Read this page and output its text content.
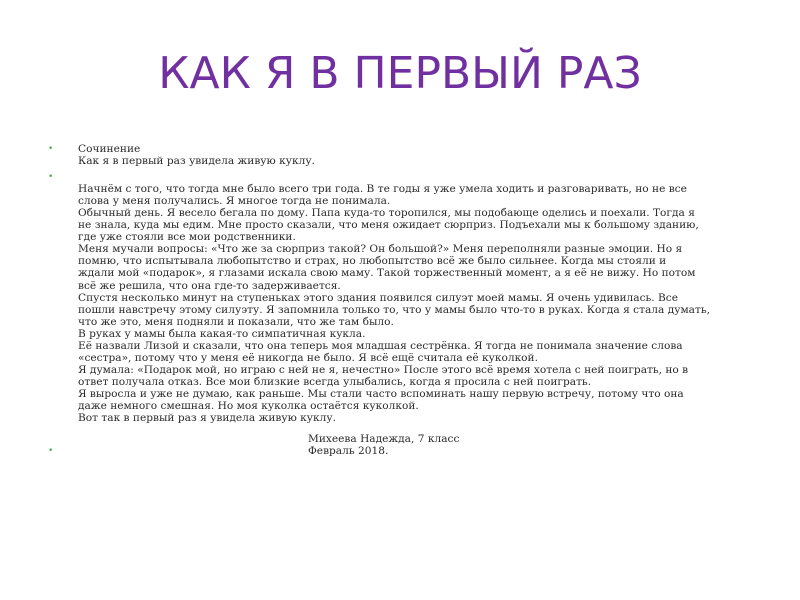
КАК Я В ПЕРВЫЙ РАЗ
• Сочинение
Как я в первый раз увидела живую куклу.
•

Начнём с того, что тогда мне было всего три года. В те годы я уже умела ходить и разговаривать, но не все
слова у меня получались. Я многое тогда не понимала.
Обычный день. Я весело бегала по дому. Папа куда-то торопился, мы подобающе оделись и поехали. Тогда я
не знала, куда мы едим. Мне просто сказали, что меня ожидает сюрприз. Подъехали мы к большому зданию,
где уже стояли все мои родственники.
Меня мучали вопросы: «Что же за сюрприз такой? Он большой?» Меня переполняли разные эмоции. Но я
помню, что испытывала любопытство и страх, но любопытство всё же было сильнее. Когда мы стояли и
ждали мой «подарок», я глазами искала свою маму. Такой торжественный момент, а я её не вижу. Но потом
всё же решила, что она где-то задерживается.
Спустя несколько минут на ступеньках этого здания появился силуэт моей мамы. Я очень удивилась. Все
пошли навстречу этому силуэту. Я запомнила только то, что у мамы было что-то в руках. Когда я стала думать,
что же это, меня подняли и показали, что же там было.
В руках у мамы была какая-то симпатичная кукла.
Её назвали Лизой и сказали, что она теперь моя младшая сестрёнка. Я тогда не понимала значение слова
«сестра», потому что у меня её никогда не было. Я всё ещё считала её куколкой.
Я думала: «Подарок мой, но играю с ней не я, нечестно» После этого всё время хотела с ней поиграть, но в
ответ получала отказ. Все мои близкие всегда улыбались, когда я просила с ней поиграть.
Я выросла и уже не думаю, как раньше. Мы стали часто вспоминать нашу первую встречу, потому что она
даже немного смешная. Но моя куколка остаётся куколкой.
Вот так в первый раз я увидела живую куклу.
Михеева Надежда, 7 класс
•	Февраль 2018.
